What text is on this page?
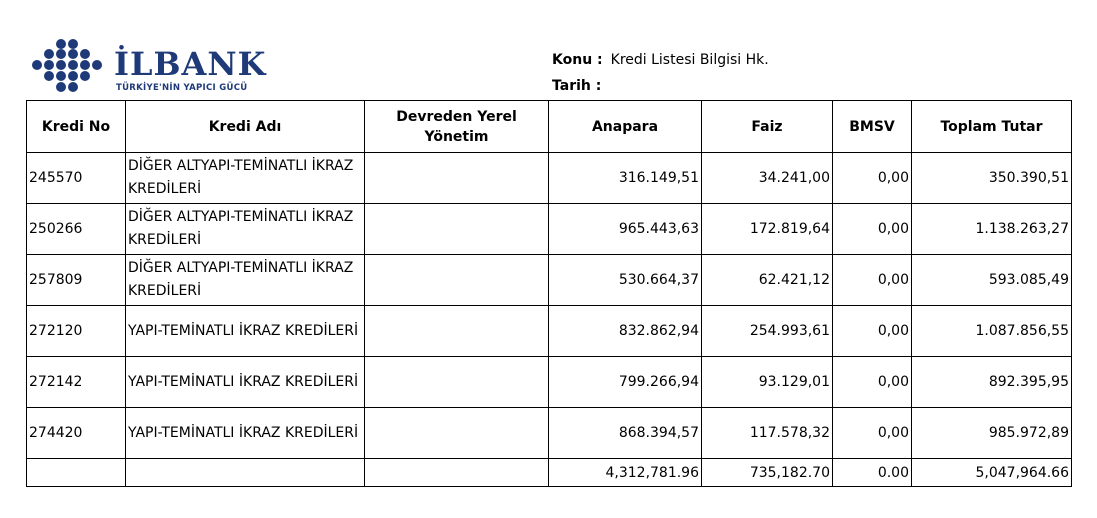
İLBANK
TÜRKİYE'NİN YAPICI GÜCÜ
Konu : Kredi Listesi Bilgisi Hk.
Tarih :
Kredi No	Kredi Adı	Devreden Yerel Yönetim	Anapara	Faiz	BMSV	Toplam Tutar
245570	DİĞER ALTYAPI-TEMİNATLI İKRAZ KREDİLERİ		316.149,51	34.241,00	0,00	350.390,51
250266	DİĞER ALTYAPI-TEMİNATLI İKRAZ KREDİLERİ		965.443,63	172.819,64	0,00	1.138.263,27
257809	DİĞER ALTYAPI-TEMİNATLI İKRAZ KREDİLERİ		530.664,37	62.421,12	0,00	593.085,49
272120	YAPI-TEMİNATLI İKRAZ KREDİLERİ		832.862,94	254.993,61	0,00	1.087.856,55
272142	YAPI-TEMİNATLI İKRAZ KREDİLERİ		799.266,94	93.129,01	0,00	892.395,95
274420	YAPI-TEMİNATLI İKRAZ KREDİLERİ		868.394,57	117.578,32	0,00	985.972,89
			4,312,781.96	735,182.70	0.00	5,047,964.66
